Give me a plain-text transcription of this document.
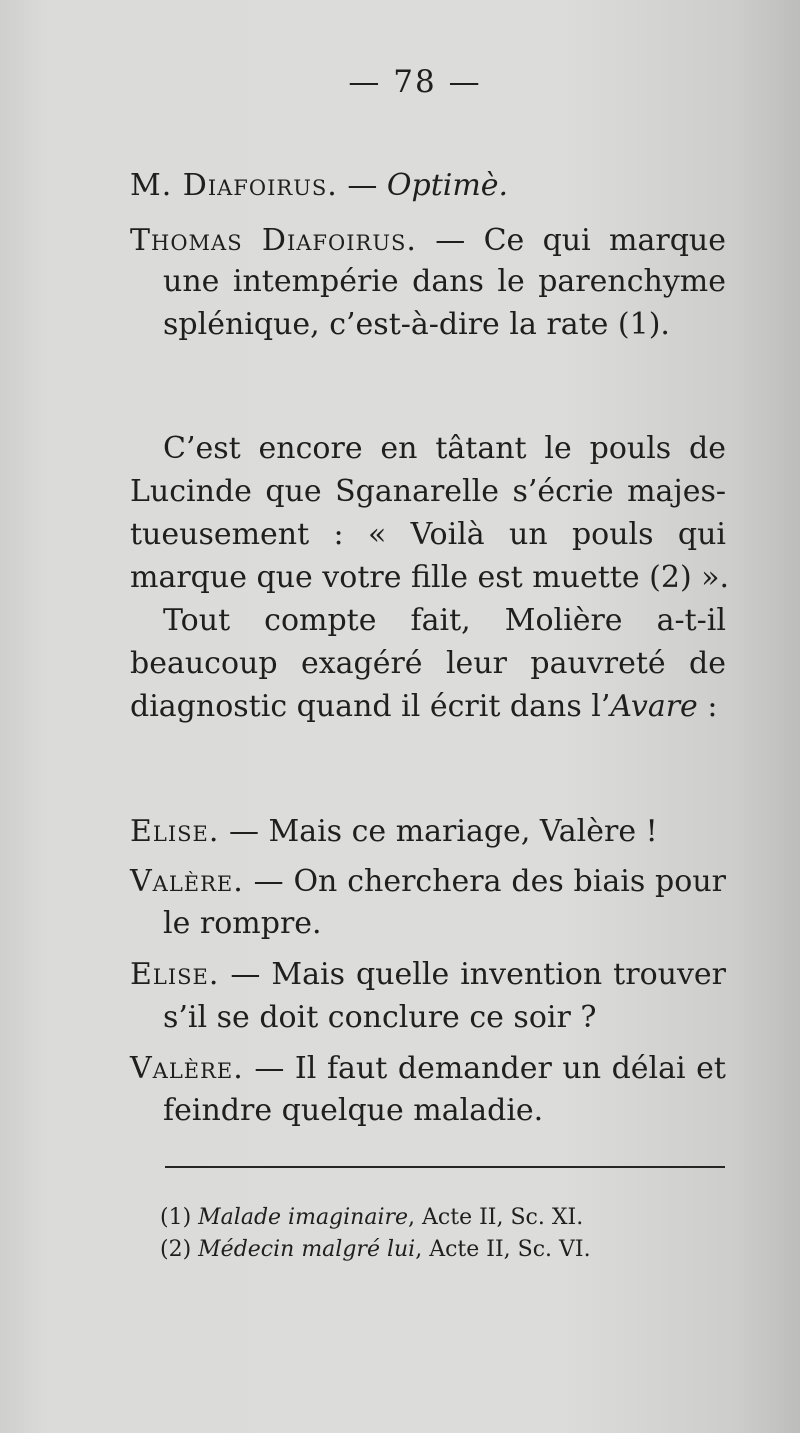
— 78 —
M. Diafoirus. — Optimè.
Thomas Diafoirus. — Ce qui marque
une intempérie dans le parenchyme
splénique, c’est-à-dire la rate (1).
C’est encore en tâtant le pouls de
Lucinde que Sganarelle s’écrie majes-
tueusement : « Voilà un pouls qui
marque que votre fille est muette (2) ».
Tout compte fait, Molière a-t-il
beaucoup exagéré leur pauvreté de
diagnostic quand il écrit dans l’Avare :
Elise. — Mais ce mariage, Valère !
Valère. — On cherchera des biais pour
le rompre.
Elise. — Mais quelle invention trouver
s’il se doit conclure ce soir ?
Valère. — Il faut demander un délai et
feindre quelque maladie.
(1) Malade imaginaire, Acte II, Sc. XI.
(2) Médecin malgré lui, Acte II, Sc. VI.
